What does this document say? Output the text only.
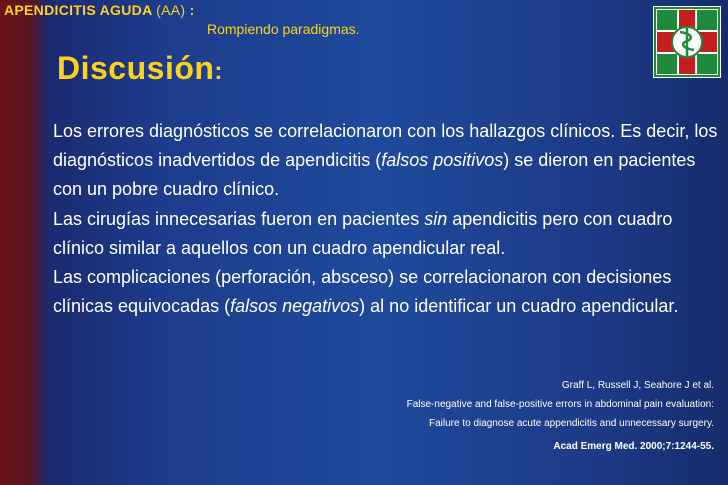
APENDICITIS AGUDA (AA) :
Rompiendo paradigmas.
Discusión:

Los errores diagnósticos se correlacionaron con los hallazgos clínicos. Es decir, los diagnósticos inadvertidos de apendicitis (falsos positivos) se dieron en pacientes con un pobre cuadro clínico.

Las cirugías innecesarias fueron en pacientes sin apendicitis pero con cuadro clínico similar a aquellos con un cuadro apendicular real.

Las complicaciones (perforación, absceso) se correlacionaron con decisiones clínicas equivocadas (falsos negativos) al no identificar un cuadro apendicular.

Graff L, Russell J, Seahore J et al.
False-negative and false-positive errors in abdominal pain evaluation:
Failure to diagnose acute appendicitis and unnecessary surgery.
Acad Emerg Med. 2000;7:1244-55.
